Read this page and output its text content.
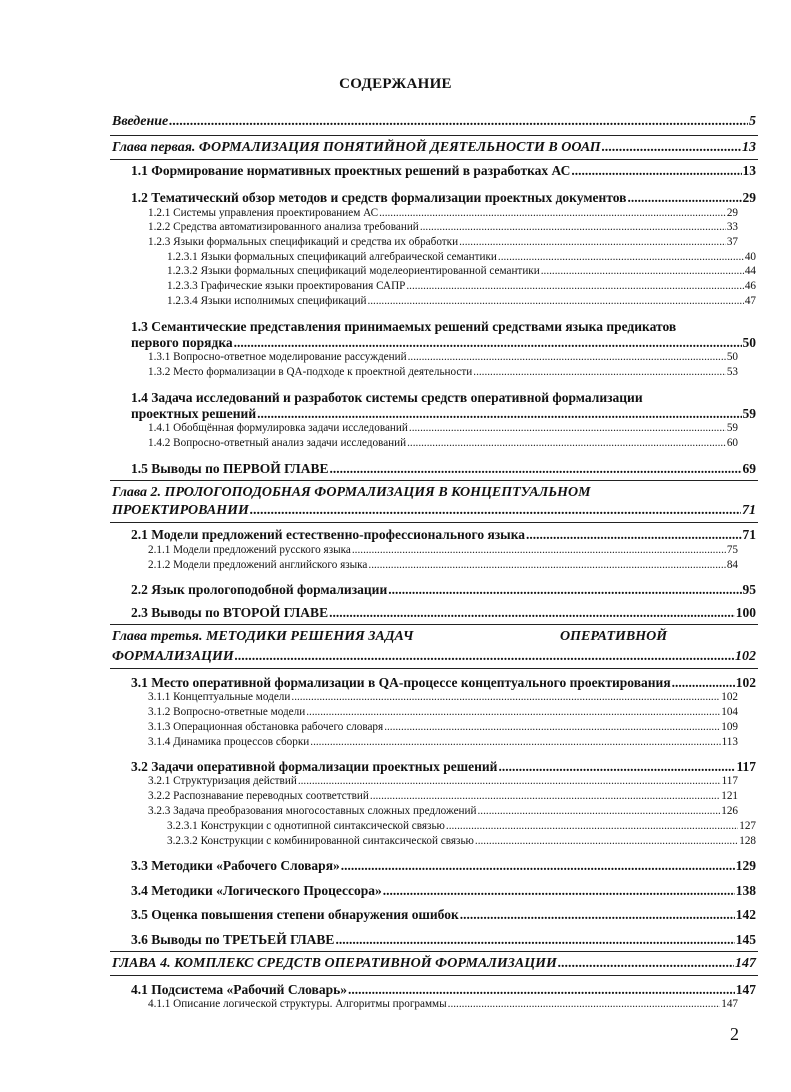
СОДЕРЖАНИЕ
Введение .....	5
Глава первая. ФОРМАЛИЗАЦИЯ ПОНЯТИЙНОЙ ДЕЯТЕЛЬНОСТИ В ООАП .....	13
1.1 Формирование нормативных проектных решений в разработках АС .....	13
1.2 Тематический обзор методов и средств формализации проектных документов .....	29
1.2.1 Системы управления проектированием АС .....	29
1.2.2 Средства автоматизированного анализа требований .....	33
1.2.3 Языки формальных спецификаций и средства их обработки .....	37
1.2.3.1 Языки формальных спецификаций алгебраической семантики .....	40
1.2.3.2 Языки формальных спецификаций моделеориентированной семантики .....	44
1.2.3.3 Графические языки проектирования САПР .....	46
1.2.3.4 Языки исполнимых спецификаций .....	47
1.3 Семантические представления принимаемых решений средствами языка предикатов
первого порядка .....	50
1.3.1 Вопросно-ответное моделирование рассуждений .....	50
1.3.2 Место формализации в QA-подходе к проектной деятельности .....	53
1.4 Задача исследований и разработок системы средств оперативной формализации
проектных решений .....	59
1.4.1 Обобщённая формулировка задачи исследований .....	59
1.4.2 Вопросно-ответный анализ задачи исследований .....	60
1.5 Выводы по ПЕРВОЙ ГЛАВЕ .....	69
Глава 2. ПРОЛОГОПОДОБНАЯ ФОРМАЛИЗАЦИЯ В КОНЦЕПТУАЛЬНОМ
ПРОЕКТИРОВАНИИ .....	71
2.1 Модели предложений естественно-профессионального языка .....	71
2.1.1 Модели предложений русского языка .....	75
2.1.2 Модели предложений английского языка .....	84
2.2 Язык прологоподобной формализации .....	95
2.3 Выводы по ВТОРОЙ ГЛАВЕ .....	100
Глава третья. МЕТОДИКИ РЕШЕНИЯ ЗАДАЧ	ОПЕРАТИВНОЙ
ФОРМАЛИЗАЦИИ .....	102
3.1 Место оперативной формализации в QA-процессе концептуального проектирования .....	102
3.1.1 Концептуальные модели .....	102
3.1.2 Вопросно-ответные модели .....	104
3.1.3 Операционная обстановка рабочего словаря .....	109
3.1.4 Динамика процессов сборки .....	113
3.2 Задачи оперативной формализации проектных решений .....	117
3.2.1 Структуризация действий .....	117
3.2.2 Распознавание переводных соответствий .....	121
3.2.3 Задача преобразования многосоставных сложных предложений .....	126
3.2.3.1 Конструкции с однотипной синтаксической связью .....	127
3.2.3.2 Конструкции с комбинированной синтаксической связью .....	128
3.3 Методики «Рабочего Словаря» .....	129
3.4 Методики «Логического Процессора» .....	138
3.5 Оценка повышения степени обнаружения ошибок .....	142
3.6 Выводы по ТРЕТЬЕЙ ГЛАВЕ .....	145
ГЛАВА 4. КОМПЛЕКС СРЕДСТВ ОПЕРАТИВНОЙ ФОРМАЛИЗАЦИИ .....	147
4.1 Подсистема «Рабочий Словарь» .....	147
4.1.1 Описание логической структуры. Алгоритмы программы .....	147
2
